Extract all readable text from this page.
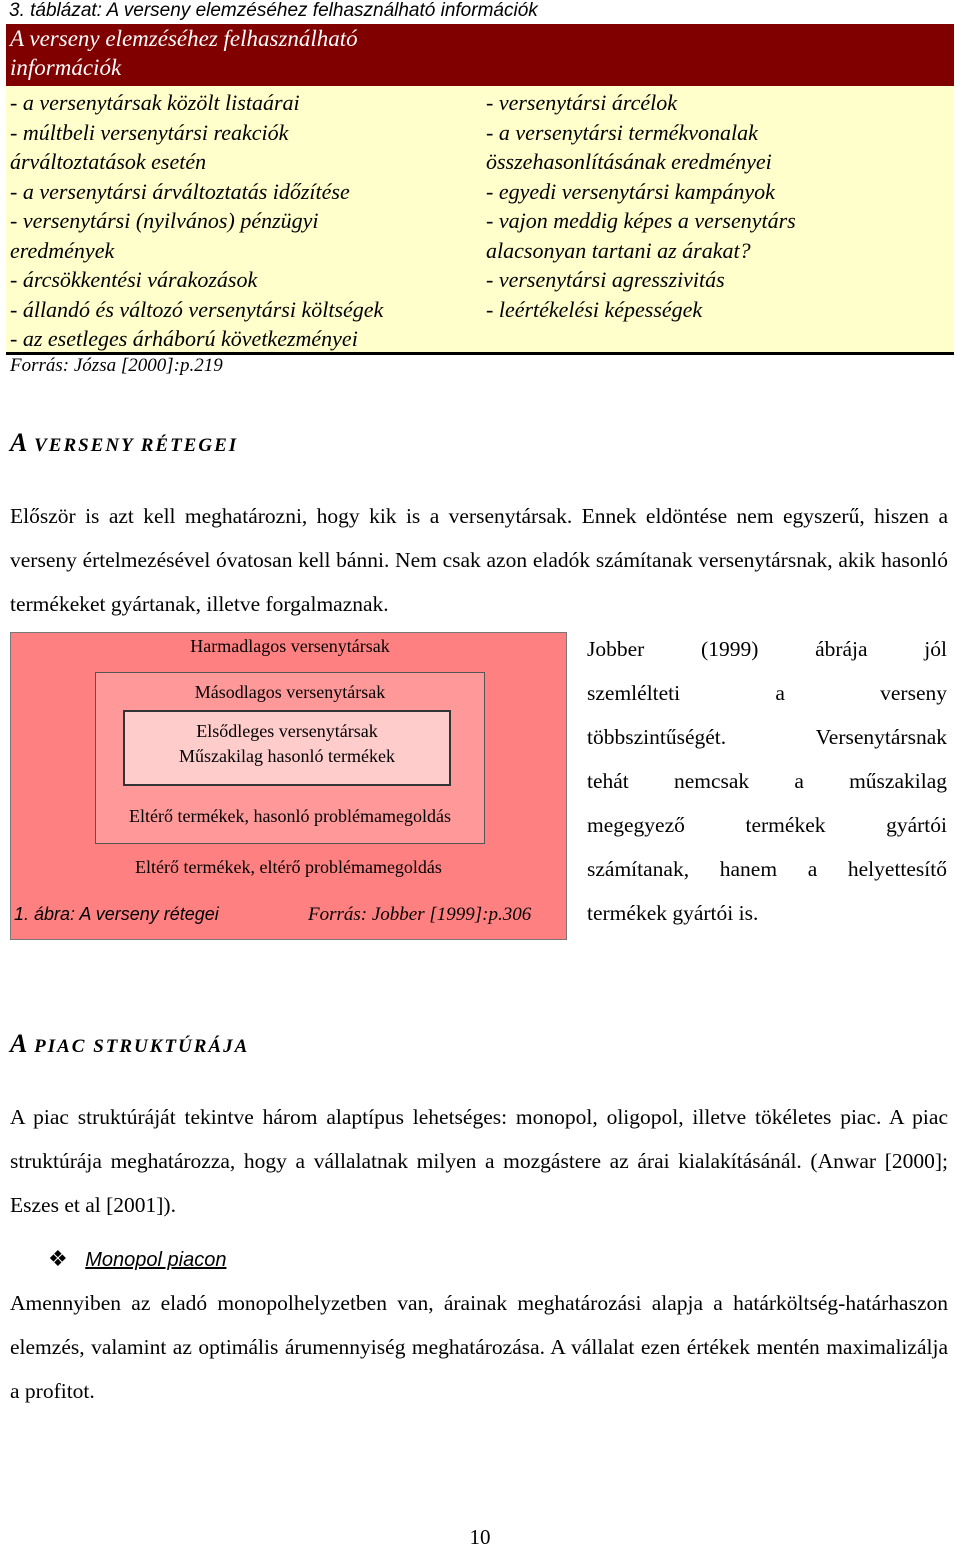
3. táblázat: A verseny elemzéséhez felhasználható információk
A verseny elemzéséhez felhasználható
információk
- a versenytársak közölt listaárai
- múltbeli versenytársi reakciók
árváltoztatások esetén
- a versenytársi árváltoztatás időzítése
- versenytársi (nyilvános) pénzügyi
eredmények
- árcsökkentési várakozások
- állandó és változó versenytársi költségek
- az esetleges árháború következményei
- versenytársi árcélok
- a versenytársi termékvonalak
összehasonlításának eredményei
- egyedi versenytársi kampányok
- vajon meddig képes a versenytárs
alacsonyan tartani az árakat?
- versenytársi agresszivitás
- leértékelési képességek
Forrás: Józsa [2000]:p.219
A VERSENY RÉTEGEI
Először is azt kell meghatározni, hogy kik is a versenytársak. Ennek eldöntése nem egyszerű, hiszen a verseny értelmezésével óvatosan kell bánni. Nem csak azon eladók számítanak versenytársnak, akik hasonló termékeket gyártanak, illetve forgalmaznak.
Harmadlagos versenytársak
Másodlagos versenytársak
Elsődleges versenytársak
Műszakilag hasonló termékek
Eltérő termékek, hasonló problémamegoldás
Eltérő termékek, eltérő problémamegoldás
1. ábra: A verseny rétegei	Forrás: Jobber [1999]:p.306
Jobber (1999) ábrája jól
szemlélteti a verseny
többszintűségét. Versenytársnak
tehát nemcsak a műszakilag
megegyező termékek gyártói
számítanak, hanem a helyettesítő
termékek gyártói is.
A PIAC STRUKTÚRÁJA
A piac struktúráját tekintve három alaptípus lehetséges: monopol, oligopol, illetve tökéletes piac. A piac struktúrája meghatározza, hogy a vállalatnak milyen a mozgástere az árai kialakításánál. (Anwar [2000]; Eszes et al [2001]).
❖ Monopol piacon
Amennyiben az eladó monopolhelyzetben van, árainak meghatározási alapja a határköltség-határhaszon elemzés, valamint az optimális árumennyiség meghatározása. A vállalat ezen értékek mentén maximalizálja a profitot.
10
